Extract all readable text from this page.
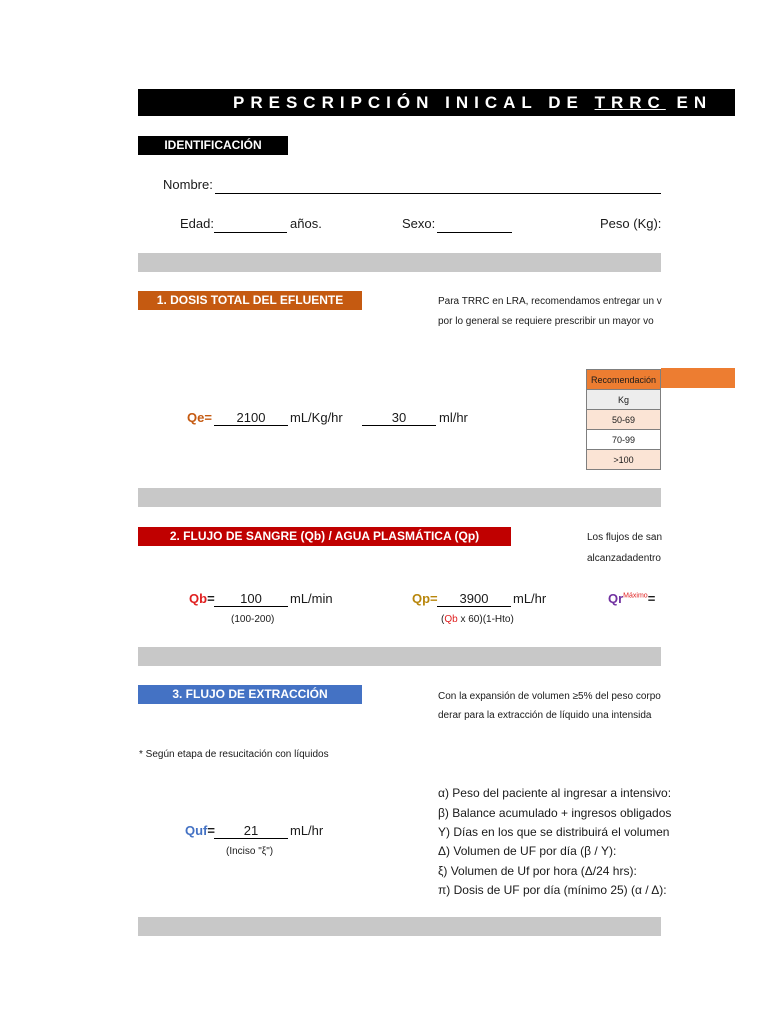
PRESCRIPCIÓN INICAL DE TRRC EN
IDENTIFICACIÓN
Nombre:
Edad:	años.	Sexo:	Peso (Kg):
1. DOSIS TOTAL DEL EFLUENTE	Para TRRC en LRA, recomendamos entregar un v
por lo general se requiere prescribir un mayor vo
Qe=	2100	mL/Kg/hr	30	ml/hr
Recomendación
Kg
50-69
70-99
>100
2. FLUJO DE SANGRE (Qb) / AGUA PLASMÁTICA (Qp)	Los flujos de san
alcanzadadentro
Qb=	100	mL/min
(100-200)
Qp=	3900	mL/hr
(Qb x 60)(1-Hto)
$Qr^{Máximo}=$
3. FLUJO DE EXTRACCIÓN	Con la expansión de volumen ≥5% del peso corpo
derar para la extracción de líquido una intensida
* Según etapa de resucitación con líquidos
α) Peso del paciente al ingresar a intensivo:
β) Balance acumulado + ingresos obligados
Y) Días en los que se distribuirá el volumen
Δ) Volumen de UF por día (β / Y):
ξ) Volumen de Uf por hora (Δ/24 hrs):
π) Dosis de UF por día (mínimo 25) (α / Δ):
Quf=	21	mL/hr
(Inciso "ξ")
